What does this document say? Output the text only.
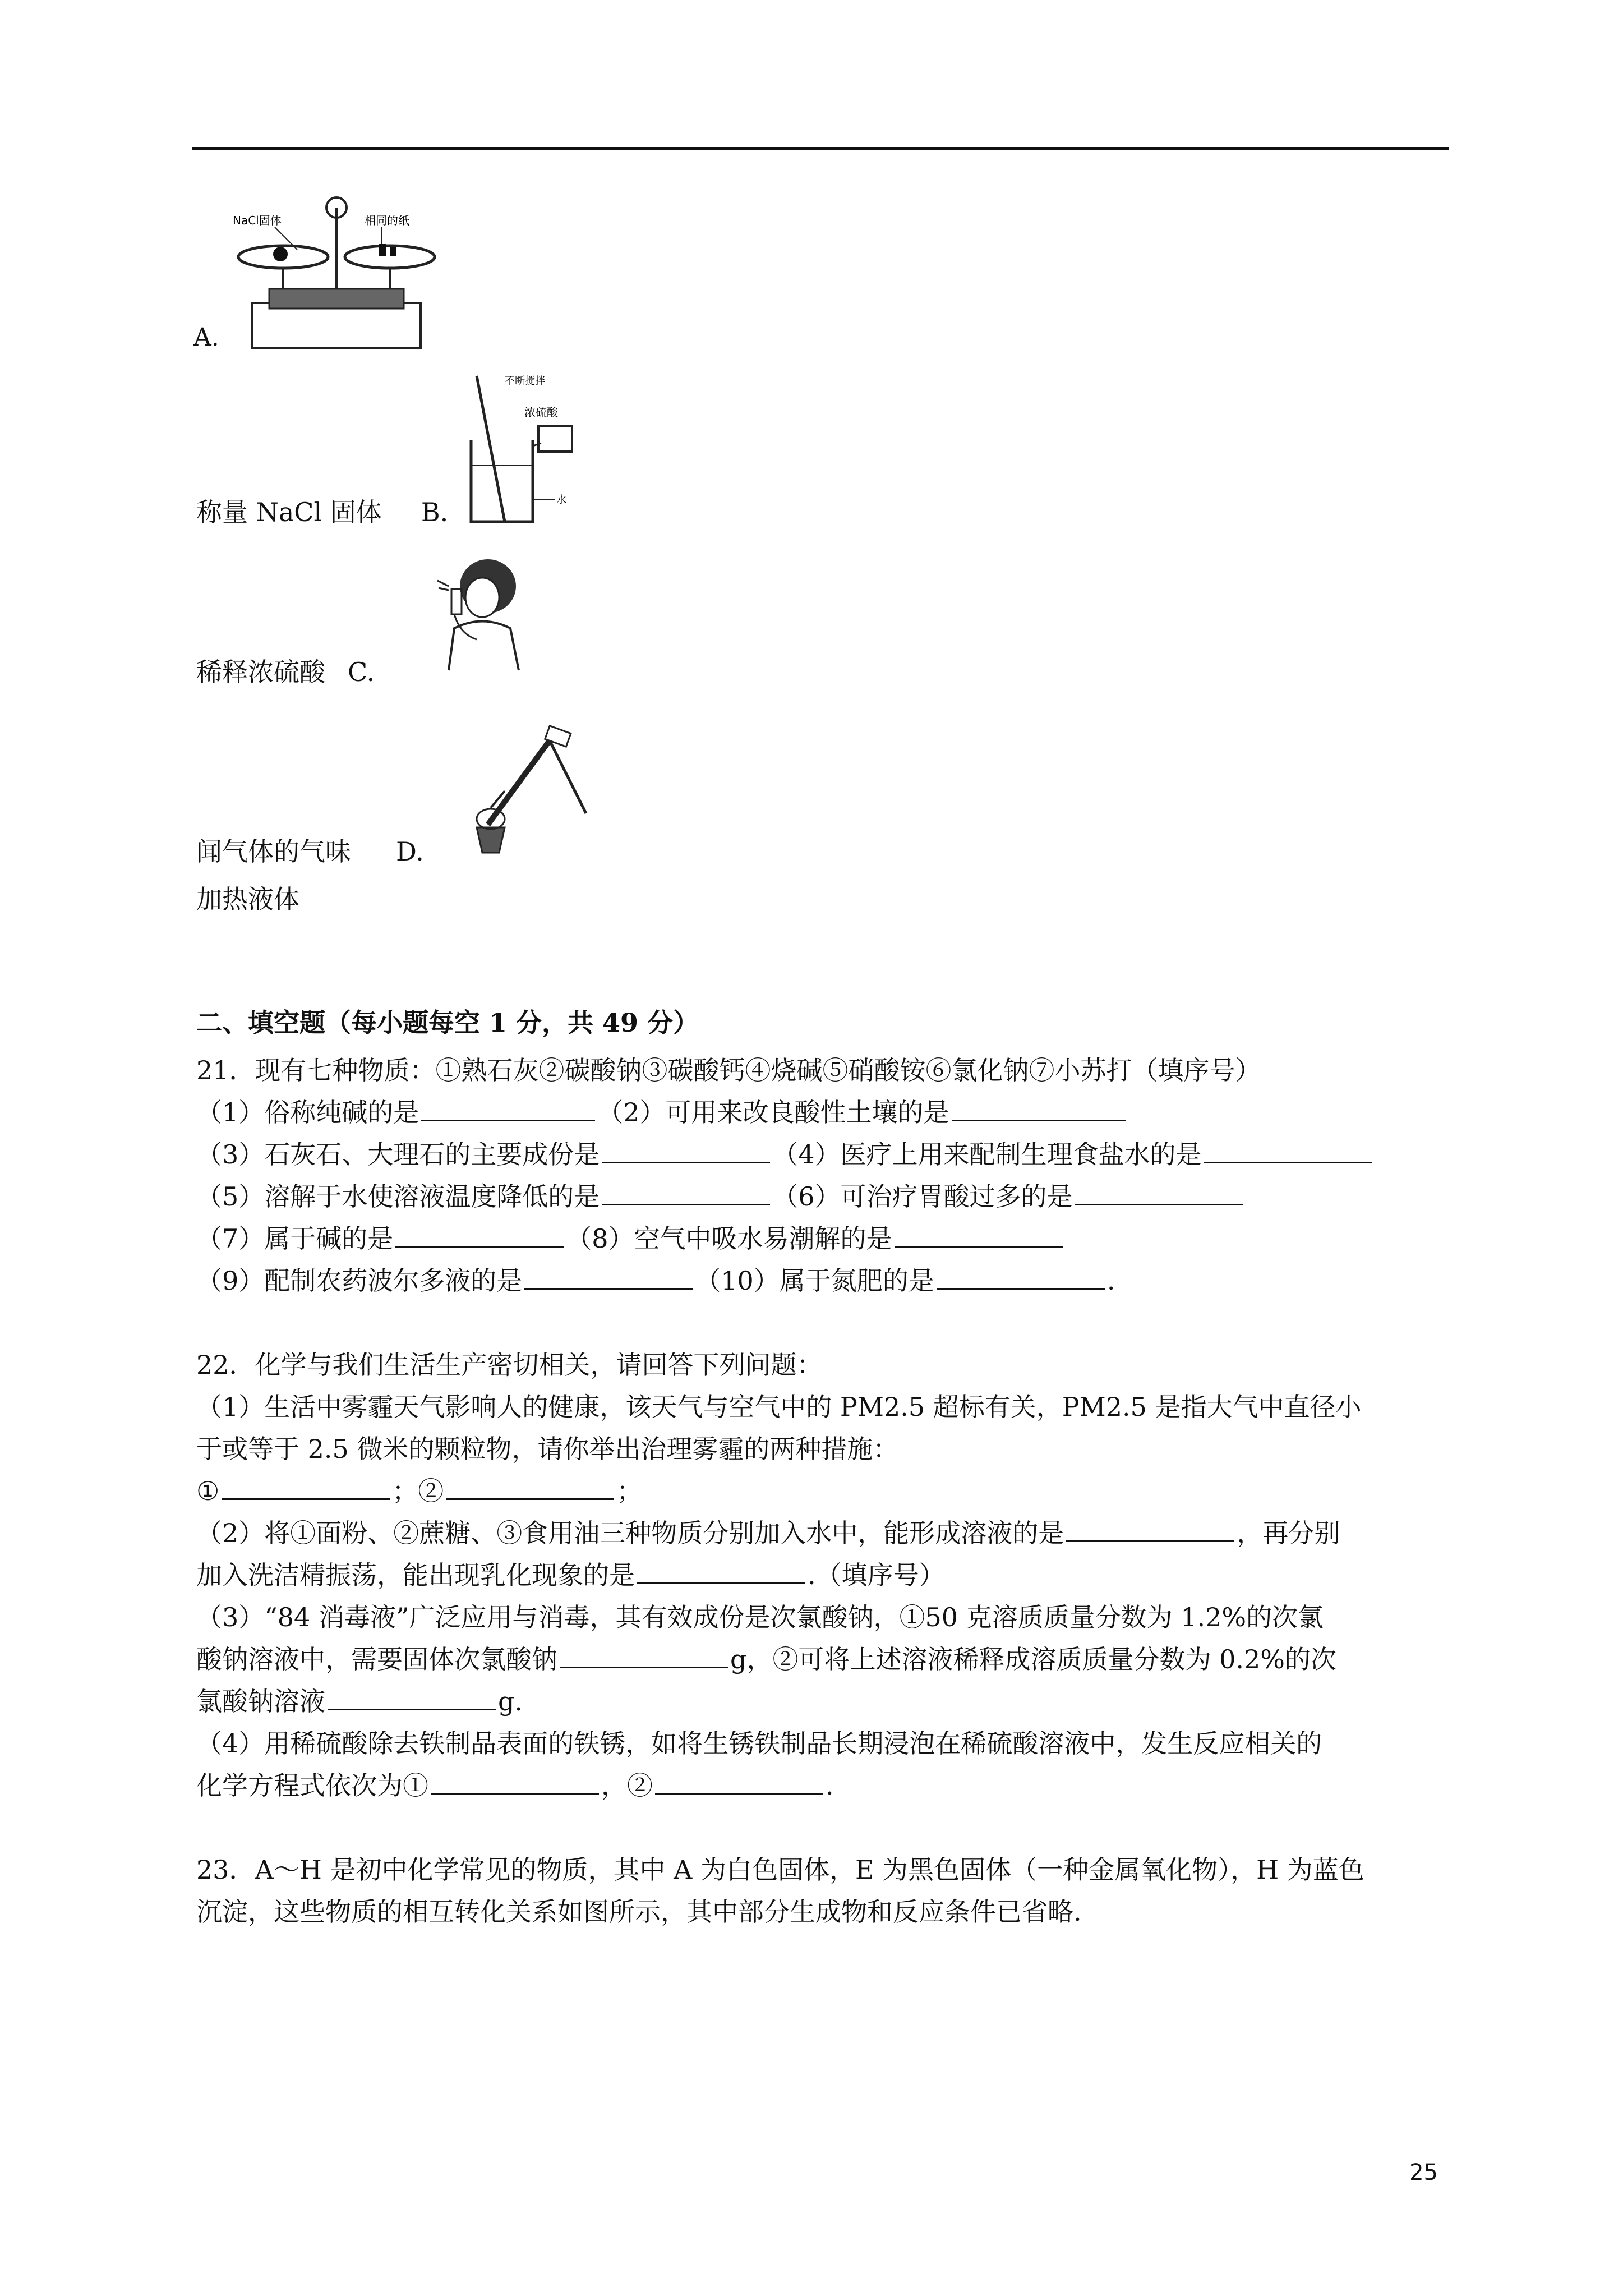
NaCl固体	相同的纸
A.
不断搅拌
浓硫酸
水
称量 NaCl 固体 B.
稀释浓硫酸 C.
闻气体的气味 D.
加热液体
二、填空题（每小题每空 1 分，共 49 分）
21．现有七种物质：①熟石灰②碳酸钠③碳酸钙④烧碱⑤硝酸铵⑥氯化钠⑦小苏打（填序号）
（1）俗称纯碱的是	（2）可用来改良酸性土壤的是
（3）石灰石、大理石的主要成份是	（4）医疗上用来配制生理食盐水的是
（5）溶解于水使溶液温度降低的是	（6）可治疗胃酸过多的是
（7）属于碱的是	（8）空气中吸水易潮解的是
（9）配制农药波尔多液的是	（10）属于氮肥的是	.
22．化学与我们生活生产密切相关，请回答下列问题：
（1）生活中雾霾天气影响人的健康，该天气与空气中的 PM2.5 超标有关，PM2.5 是指大气中直径小
于或等于 2.5 微米的颗粒物，请你举出治理雾霾的两种措施：
①	；②	；
（2）将①面粉、②蔗糖、③食用油三种物质分别加入水中，能形成溶液的是	，再分别
加入洗洁精振荡，能出现乳化现象的是	.（填序号）
（3）“84 消毒液”广泛应用与消毒，其有效成份是次氯酸钠，①50 克溶质质量分数为 1.2%的次氯
酸钠溶液中，需要固体次氯酸钠	g，②可将上述溶液稀释成溶质质量分数为 0.2%的次
氯酸钠溶液	g.
（4）用稀硫酸除去铁制品表面的铁锈，如将生锈铁制品长期浸泡在稀硫酸溶液中，发生反应相关的
化学方程式依次为①	，②	.
23．A～H 是初中化学常见的物质，其中 A 为白色固体，E 为黑色固体（一种金属氧化物），H 为蓝色
沉淀，这些物质的相互转化关系如图所示，其中部分生成物和反应条件已省略.
25
